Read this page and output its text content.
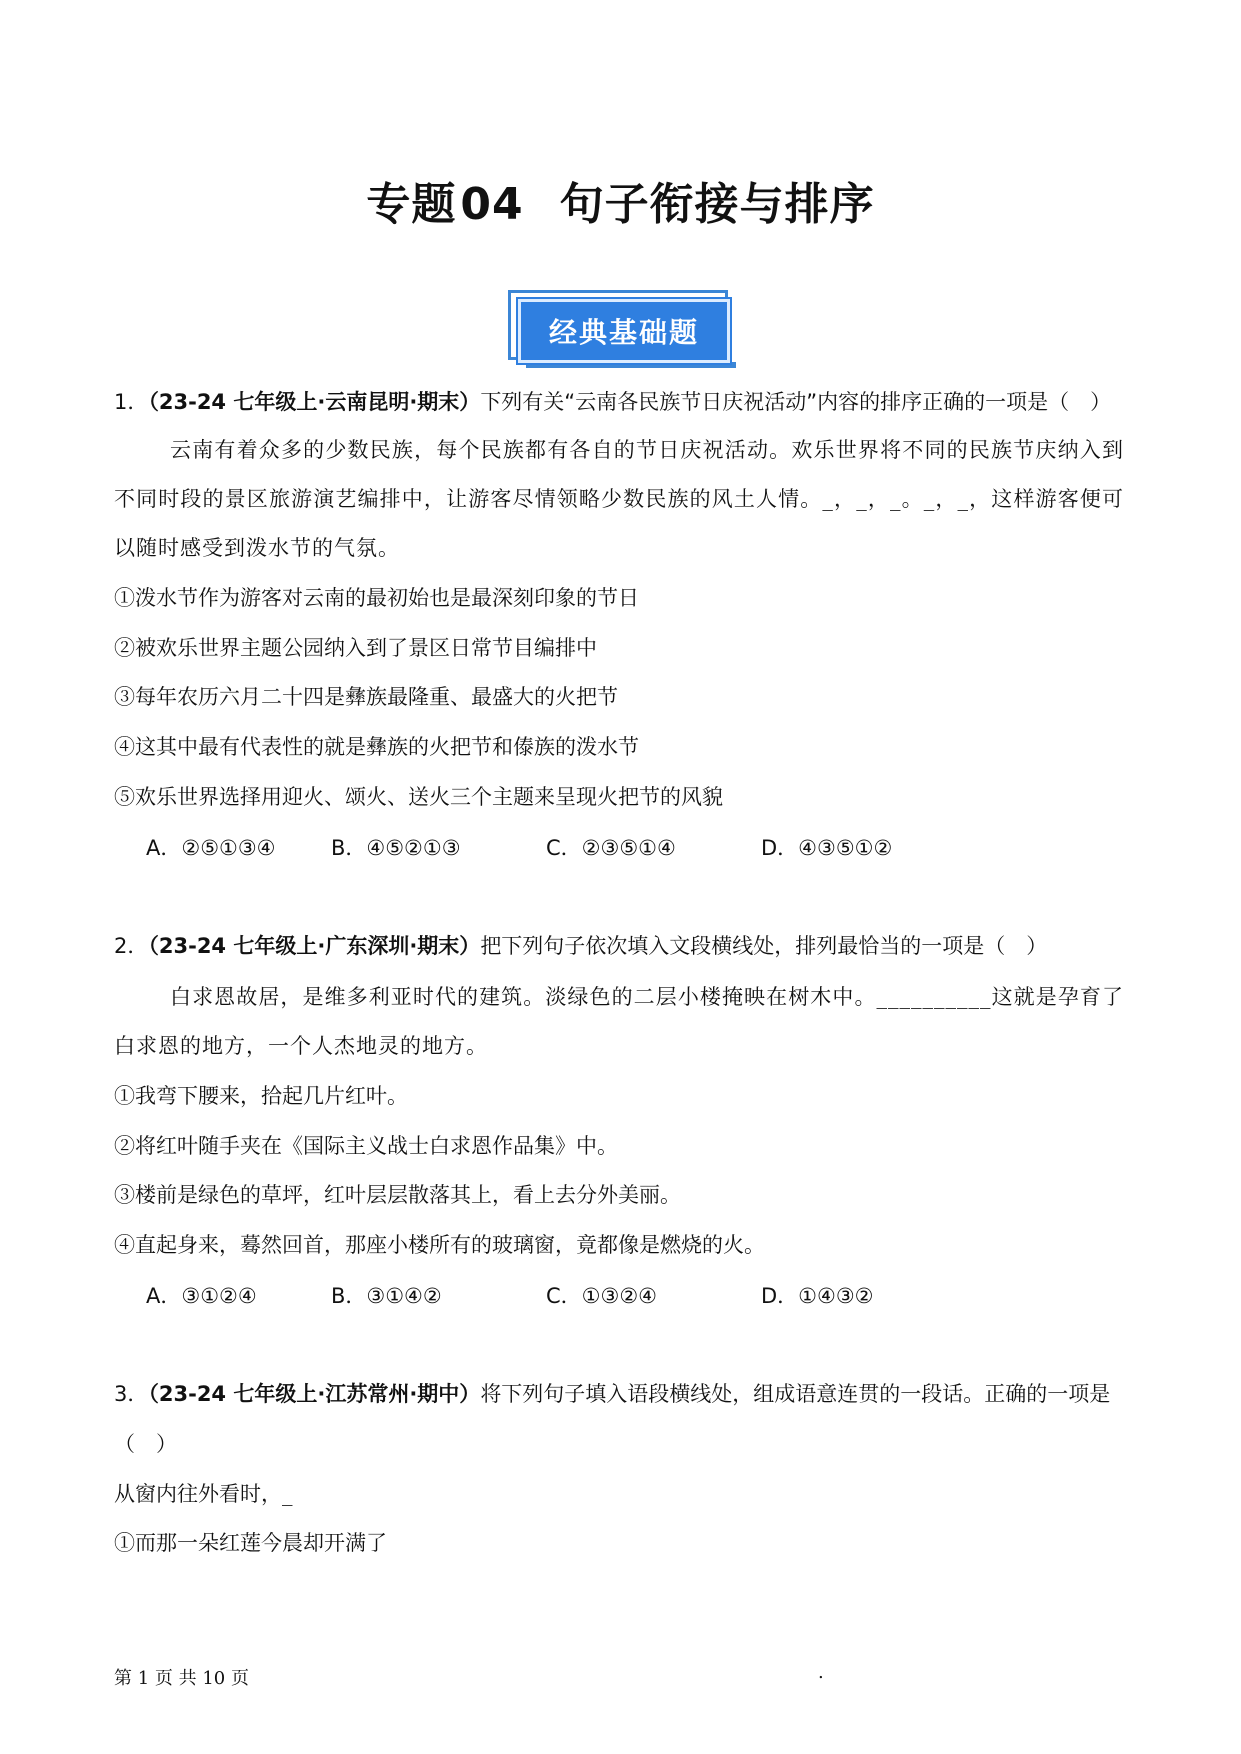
专题04 句子衔接与排序
经典基础题
1．（23-24 七年级上·云南昆明·期末）下列有关“云南各民族节日庆祝活动”内容的排序正确的一项是（　）
云南有着众多的少数民族，每个民族都有各自的节日庆祝活动。欢乐世界将不同的民族节庆纳入到不同时段的景区旅游演艺编排中，让游客尽情领略少数民族的风土人情。_，_，_。_，_，这样游客便可以随时感受到泼水节的气氛。
①泼水节作为游客对云南的最初始也是最深刻印象的节日
②被欢乐世界主题公园纳入到了景区日常节目编排中
③每年农历六月二十四是彝族最隆重、最盛大的火把节
④这其中最有代表性的就是彝族的火把节和傣族的泼水节
⑤欢乐世界选择用迎火、颂火、送火三个主题来呈现火把节的风貌
A．②⑤①③④	B．④⑤②①③	C．②③⑤①④	D．④③⑤①②
2．（23-24 七年级上·广东深圳·期末）把下列句子依次填入文段横线处，排列最恰当的一项是（　）
白求恩故居，是维多利亚时代的建筑。淡绿色的二层小楼掩映在树木中。__________这就是孕育了白求恩的地方，一个人杰地灵的地方。
①我弯下腰来，拾起几片红叶。
②将红叶随手夹在《国际主义战士白求恩作品集》中。
③楼前是绿色的草坪，红叶层层散落其上，看上去分外美丽。
④直起身来，蓦然回首，那座小楼所有的玻璃窗，竟都像是燃烧的火。
A．③①②④	B．③①④②	C．①③②④	D．①④③②
3．（23-24 七年级上·江苏常州·期中）将下列句子填入语段横线处，组成语意连贯的一段话。正确的一项是
（　）
从窗内往外看时，_
①而那一朵红莲今晨却开满了
第 1 页 共 10 页	.
